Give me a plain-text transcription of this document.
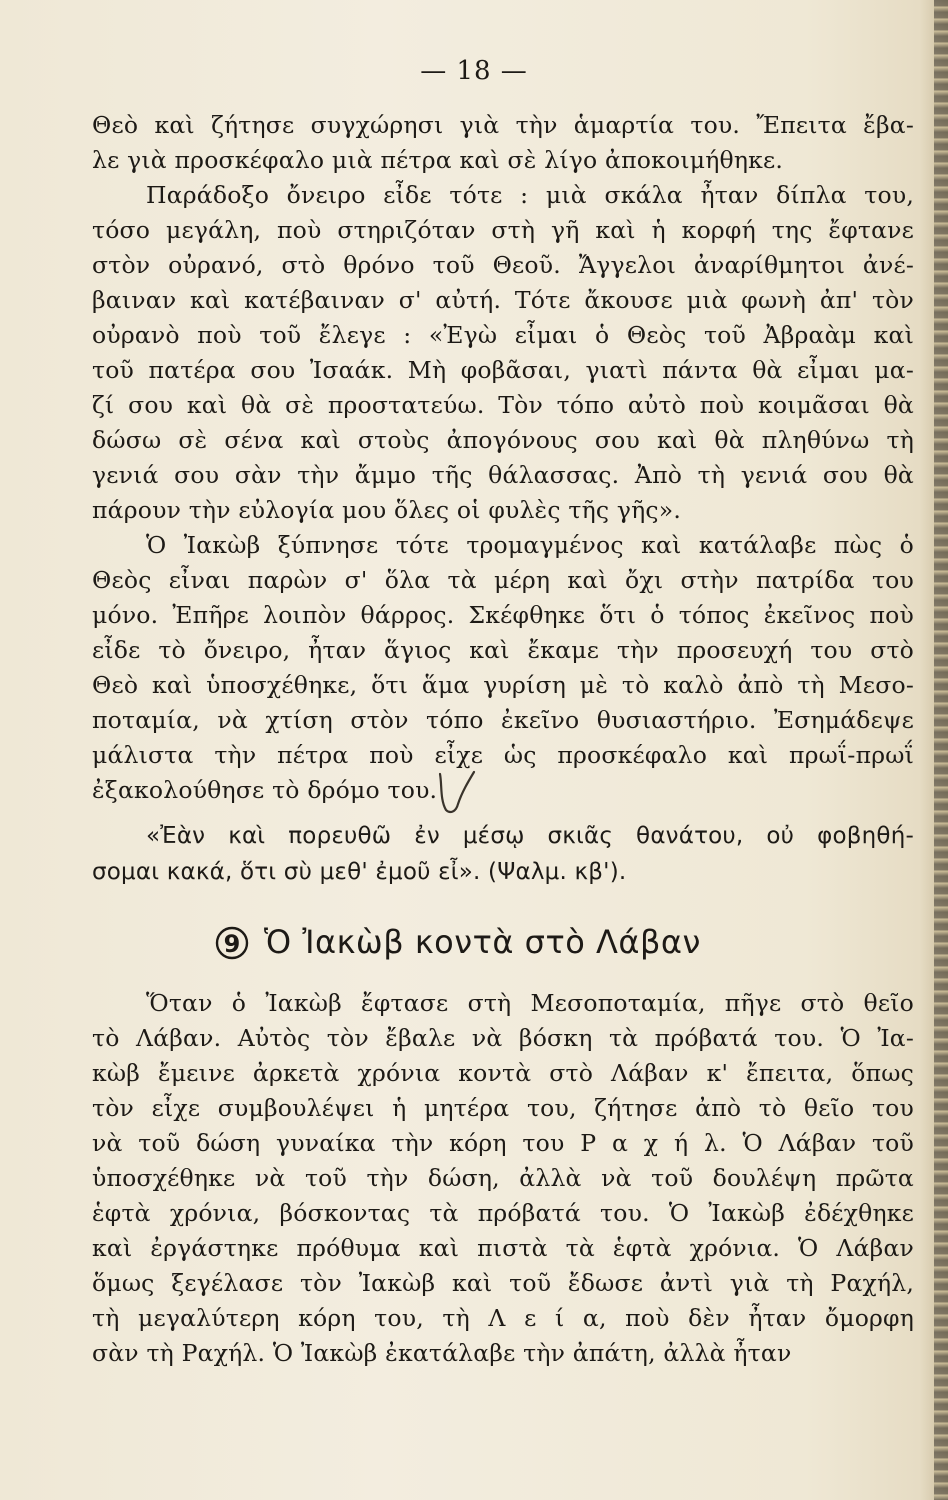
— 18 —
Θεὸ καὶ ζήτησε συγχώρησι γιὰ τὴν ἁμαρτία του. Ἔπειτα ἔβα-
λε γιὰ προσκέφαλο μιὰ πέτρα καὶ σὲ λίγο ἀποκοιμήθηκε.
Παράδοξο ὄνειρο εἶδε τότε : μιὰ σκάλα ἦταν δίπλα του,
τόσο μεγάλη, ποὺ στηριζόταν στὴ γῆ καὶ ἡ κορφή της ἔφτανε
στὸν οὐρανό, στὸ θρόνο τοῦ Θεοῦ. Ἄγγελοι ἀναρίθμητοι ἀνέ-
βαιναν καὶ κατέβαιναν σ' αὐτή. Τότε ἄκουσε μιὰ φωνὴ ἀπ' τὸν
οὐρανὸ ποὺ τοῦ ἔλεγε : «Ἐγὼ εἶμαι ὁ Θεὸς τοῦ Ἀβραὰμ καὶ
τοῦ πατέρα σου Ἰσαάκ. Μὴ φοβᾶσαι, γιατὶ πάντα θὰ εἶμαι μα-
ζί σου καὶ θὰ σὲ προστατεύω. Τὸν τόπο αὐτὸ ποὺ κοιμᾶσαι θὰ
δώσω σὲ σένα καὶ στοὺς ἀπογόνους σου καὶ θὰ πληθύνω τὴ
γενιά σου σὰν τὴν ἄμμο τῆς θάλασσας. Ἀπὸ τὴ γενιά σου θὰ
πάρουν τὴν εὐλογία μου ὅλες οἱ φυλὲς τῆς γῆς».
Ὁ Ἰακὼβ ξύπνησε τότε τρομαγμένος καὶ κατάλαβε πὼς ὁ
Θεὸς εἶναι παρὼν σ' ὅλα τὰ μέρη καὶ ὄχι στὴν πατρίδα του
μόνο. Ἐπῆρε λοιπὸν θάρρος. Σκέφθηκε ὅτι ὁ τόπος ἐκεῖνος ποὺ
εἶδε τὸ ὄνειρο, ἦταν ἅγιος καὶ ἔκαμε τὴν προσευχή του στὸ
Θεὸ καὶ ὑποσχέθηκε, ὅτι ἅμα γυρίση μὲ τὸ καλὸ ἀπὸ τὴ Μεσο-
ποταμία, νὰ χτίση στὸν τόπο ἐκεῖνο θυσιαστήριο. Ἐσημάδεψε
μάλιστα τὴν πέτρα ποὺ εἶχε ὡς προσκέφαλο καὶ πρωΐ-πρωΐ
ἐξακολούθησε τὸ δρόμο του.
«Ἐὰν καὶ πορευθῶ ἐν μέσῳ σκιᾶς θανάτου, οὐ φοβηθή-
σομαι κακά, ὅτι σὺ μεθ' ἐμοῦ εἶ». (Ψαλμ. κβ').
9 Ὁ Ἰακὼβ κοντὰ στὸ Λάβαν
Ὅταν ὁ Ἰακὼβ ἔφτασε στὴ Μεσοποταμία, πῆγε στὸ θεῖο
τὸ Λάβαν. Αὐτὸς τὸν ἔβαλε νὰ βόσκη τὰ πρόβατά του. Ὁ Ἰα-
κὼβ ἔμεινε ἀρκετὰ χρόνια κοντὰ στὸ Λάβαν κ' ἔπειτα, ὅπως
τὸν εἶχε συμβουλέψει ἡ μητέρα του, ζήτησε ἀπὸ τὸ θεῖο του
νὰ τοῦ δώση γυναίκα τὴν κόρη του Ρ α χ ή λ. Ὁ Λάβαν τοῦ
ὑποσχέθηκε νὰ τοῦ τὴν δώση, ἀλλὰ νὰ τοῦ δουλέψη πρῶτα
ἑφτὰ χρόνια, βόσκοντας τὰ πρόβατά του. Ὁ Ἰακὼβ ἐδέχθηκε
καὶ ἐργάστηκε πρόθυμα καὶ πιστὰ τὰ ἑφτὰ χρόνια. Ὁ Λάβαν
ὅμως ξεγέλασε τὸν Ἰακὼβ καὶ τοῦ ἔδωσε ἀντὶ γιὰ τὴ Ραχήλ,
τὴ μεγαλύτερη κόρη του, τὴ Λ ε ί α, ποὺ δὲν ἦταν ὄμορφη
σὰν τὴ Ραχήλ. Ὁ Ἰακὼβ ἐκατάλαβε τὴν ἀπάτη, ἀλλὰ ἦταν
